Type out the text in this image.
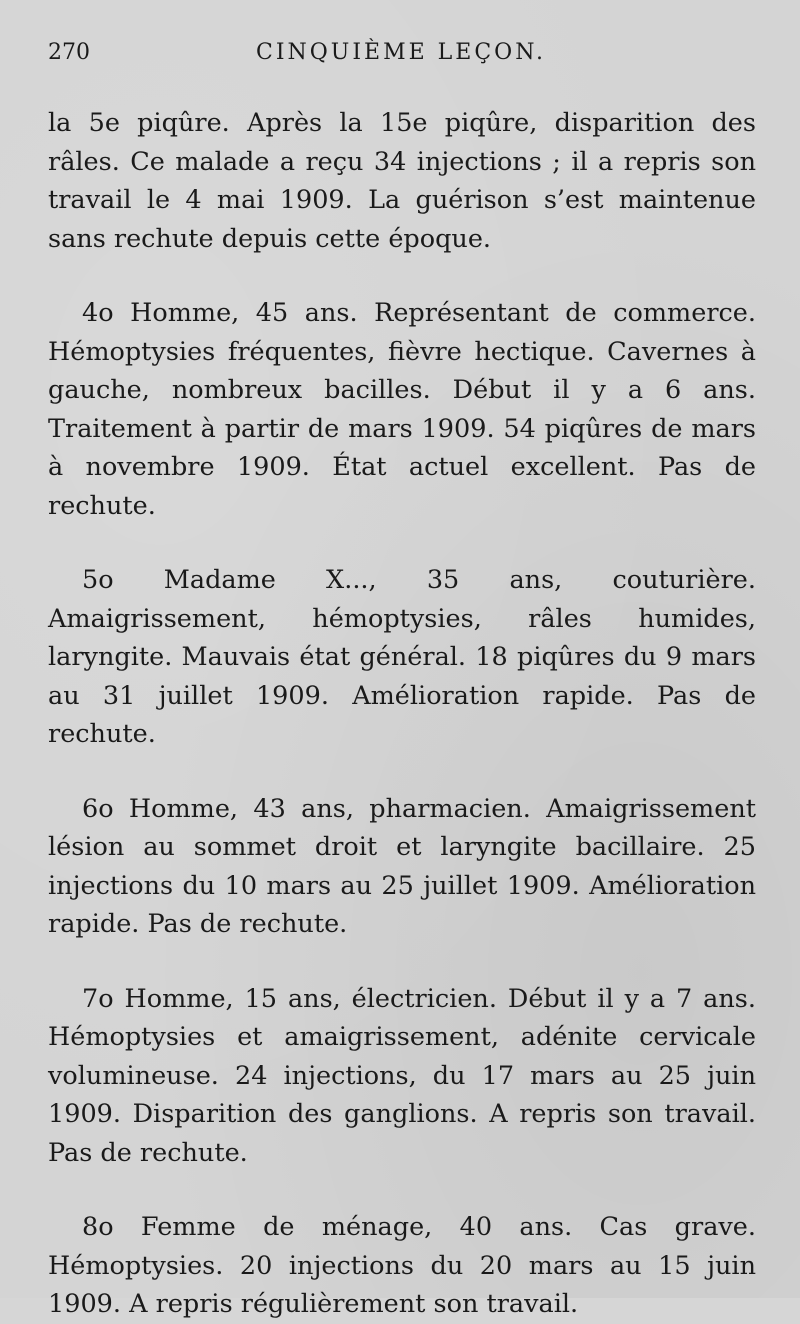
270	CINQUIÈME LEÇON.

la 5e piqûre. Après la 15e piqûre, disparition des râles. Ce malade a reçu 34 injections ; il a repris son travail le 4 mai 1909. La guérison s’est maintenue sans rechute depuis cette époque.

4o Homme, 45 ans. Représentant de commerce. Hémoptysies fréquentes, fièvre hectique. Cavernes à gauche, nombreux bacilles. Début il y a 6 ans. Traitement à partir de mars 1909. 54 piqûres de mars à novembre 1909. État actuel excellent. Pas de rechute.

5o Madame X..., 35 ans, couturière. Amaigrissement, hémoptysies, râles humides, laryngite. Mauvais état général. 18 piqûres du 9 mars au 31 juillet 1909. Amélioration rapide. Pas de rechute.

6o Homme, 43 ans, pharmacien. Amaigrissement lésion au sommet droit et laryngite bacillaire. 25 injections du 10 mars au 25 juillet 1909. Amélioration rapide. Pas de rechute.

7o Homme, 15 ans, électricien. Début il y a 7 ans. Hémoptysies et amaigrissement, adénite cervicale volumineuse. 24 injections, du 17 mars au 25 juin 1909. Disparition des ganglions. A repris son travail. Pas de rechute.

8o Femme de ménage, 40 ans. Cas grave. Hémoptysies. 20 injections du 20 mars au 15 juin 1909. A repris régulièrement son travail.
